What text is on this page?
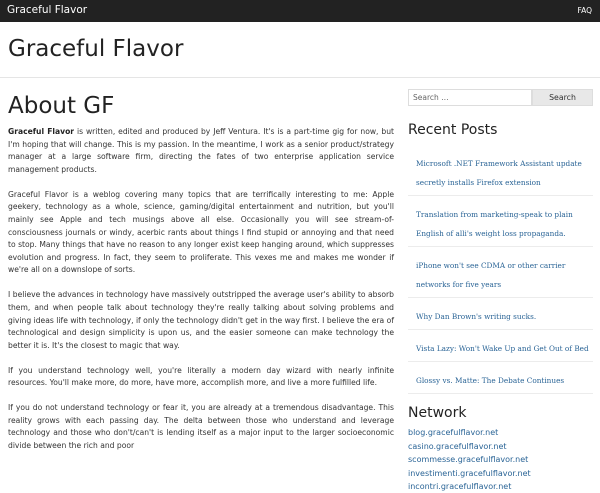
Graceful Flavor	FAQ
Graceful Flavor
About GF

Graceful Flavor is written, edited and produced by Jeff Ventura. It's is a part-time gig for now, but I'm hoping that will change. This is my passion. In the meantime, I work as a senior product/strategy manager at a large software firm, directing the fates of two enterprise application service management products.

Graceful Flavor is a weblog covering many topics that are terrifically interesting to me: Apple geekery, technology as a whole, science, gaming/digital entertainment and nutrition, but you'll mainly see Apple and tech musings above all else. Occasionally you will see stream-of-consciousness journals or windy, acerbic rants about things I find stupid or annoying and that need to stop. Many things that have no reason to any longer exist keep hanging around, which suppresses evolution and progress. In fact, they seem to proliferate. This vexes me and makes me wonder if we're all on a downslope of sorts.

I believe the advances in technology have massively outstripped the average user's ability to absorb them, and when people talk about technology they're really talking about solving problems and giving ideas life with technology, if only the technology didn't get in the way first. I believe the era of technological and design simplicity is upon us, and the easier someone can make technology the better it is. It's the closest to magic that way.

If you understand technology well, you're literally a modern day wizard with nearly infinite resources. You'll make more, do more, have more, accomplish more, and live a more fulfilled life.

If you do not understand technology or fear it, you are already at a tremendous disadvantage. This reality grows with each passing day. The delta between those who understand and leverage technology and those who don't/can't is lending itself as a major input to the larger socioeconomic divide between the rich and poor

Search …
Search
Recent Posts
Microsoft .NET Framework Assistant update secretly installs Firefox extension
Translation from marketing-speak to plain English of alli's weight loss propaganda.
iPhone won't see CDMA or other carrier networks for five years
Why Dan Brown's writing sucks.
Vista Lazy: Won't Wake Up and Get Out of Bed
Glossy vs. Matte: The Debate Continues
Network
blog.gracefulflavor.net
casino.gracefulflavor.net
scommesse.gracefulflavor.net
investimenti.gracefulflavor.net
incontri.gracefulflavor.net
